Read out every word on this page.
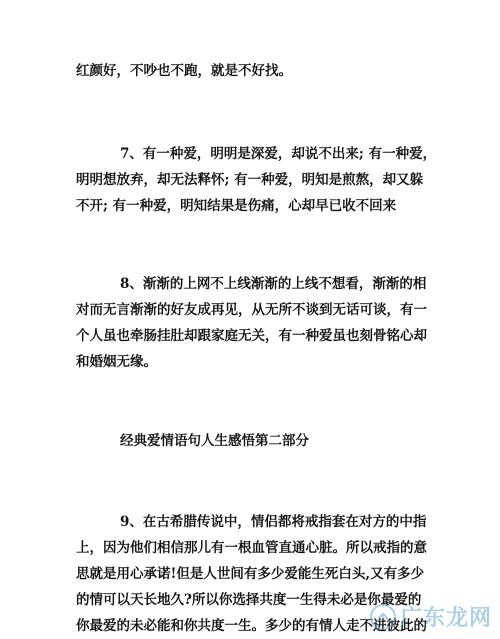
红颜好，不吵也不跑，就是不好找。

7、有一种爱，明明是深爱，却说不出来; 有一种爱，
明明想放弃，却无法释怀; 有一种爱，明知是煎熬，却又躲
不开; 有一种爱，明知结果是伤痛，心却早已收不回来

8、渐渐的上网不上线渐渐的上线不想看，渐渐的相
对而无言渐渐的好友成再见，从无所不谈到无话可谈，有一
个人虽也牵肠挂肚却跟家庭无关，有一种爱虽也刻骨铭心却
和婚姻无缘。

经典爱情语句人生感悟第二部分

9、在古希腊传说中，情侣都将戒指套在对方的中指
上，因为他们相信那儿有一根血管直通心脏。所以戒指的意
思就是用心承诺!但是人世间有多少爱能生死白头,又有多少
的情可以天长地久?所以你选择共度一生得未必是你最爱的
你最爱的未必能和你共度一生。多少的有情人走不进彼此的

广东龙网
